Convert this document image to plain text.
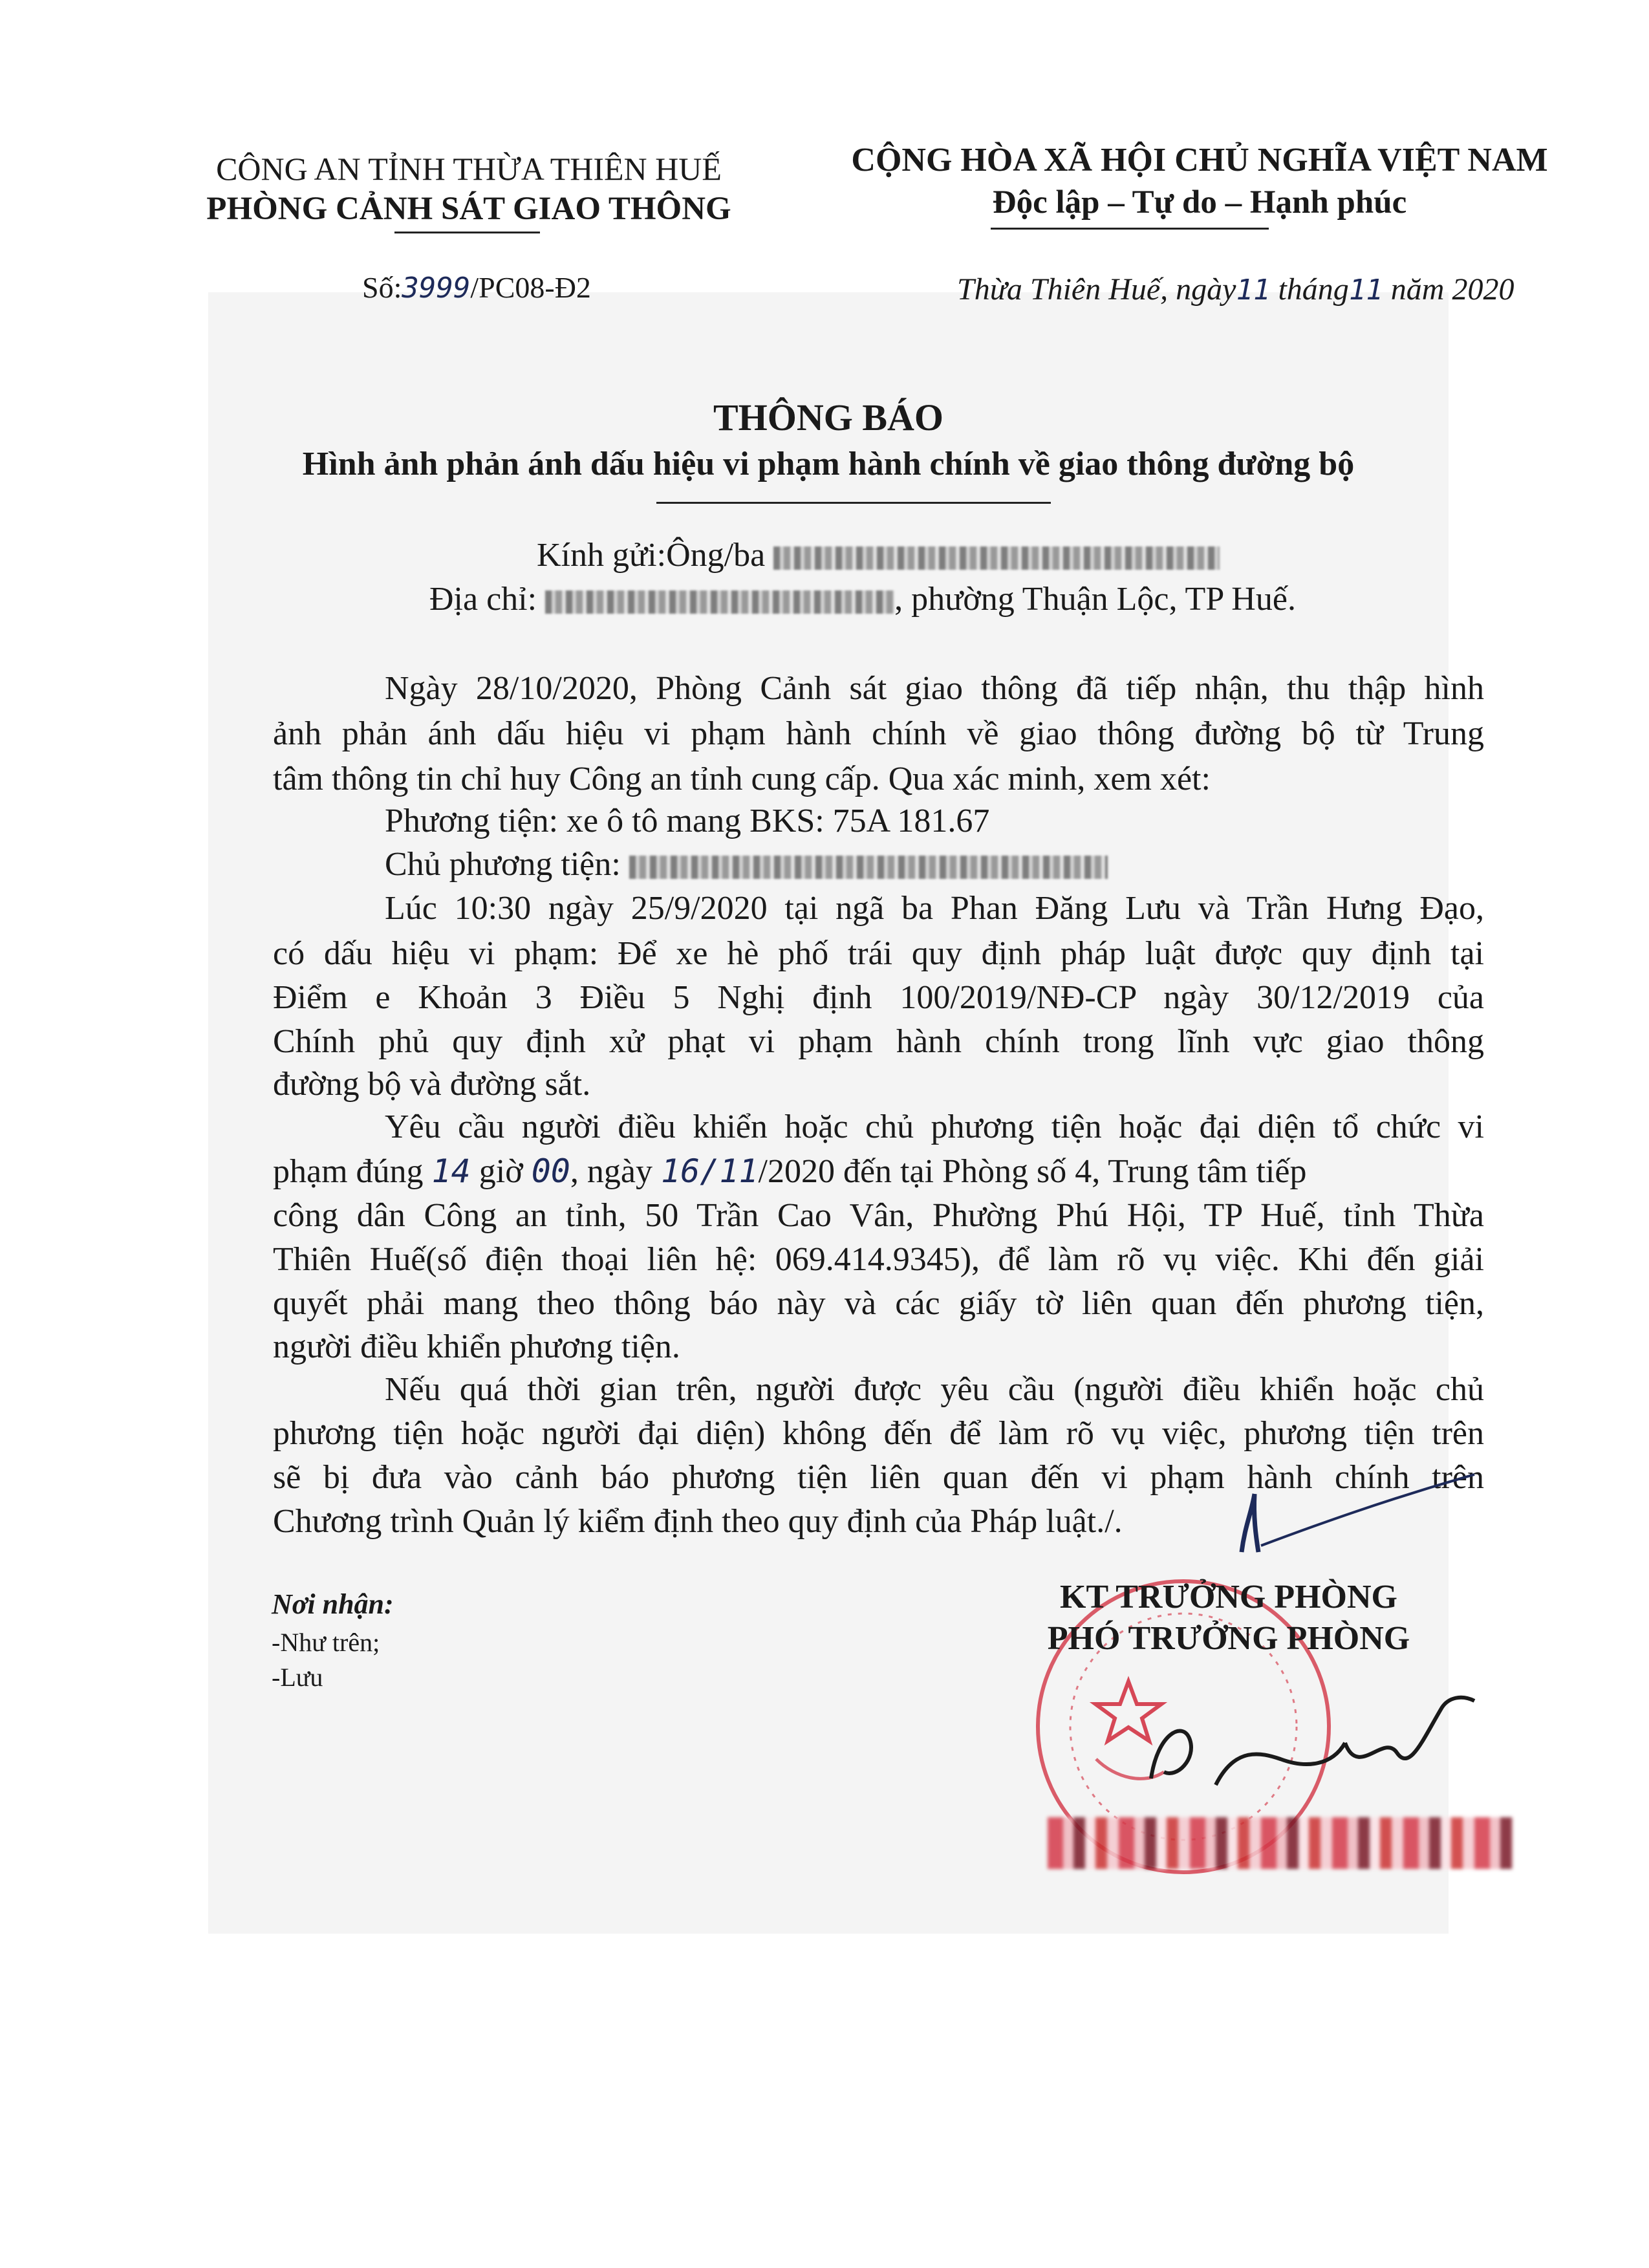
CÔNG AN TỈNH THỪA THIÊN HUẾ
PHÒNG CẢNH SÁT GIAO THÔNG
CỘNG HÒA XÃ HỘI CHỦ NGHĨA VIỆT NAM
Độc lập – Tự do – Hạnh phúc
Số:3999/PC08-Đ2	Thừa Thiên Huế, ngày11 tháng11 năm 2020
THÔNG BÁO
Hình ảnh phản ánh dấu hiệu vi phạm hành chính về giao thông đường bộ
Kính gửi:Ông/ba
Địa chỉ:	, phường Thuận Lộc, TP Huế.
Ngày 28/10/2020, Phòng Cảnh sát giao thông đã tiếp nhận, thu thập hình
ảnh phản ánh dấu hiệu vi phạm hành chính về giao thông đường bộ từ Trung
tâm thông tin chỉ huy Công an tỉnh cung cấp. Qua xác minh, xem xét:
Phương tiện: xe ô tô mang BKS: 75A 181.67
Chủ phương tiện:
Lúc 10:30 ngày 25/9/2020 tại ngã ba Phan Đăng Lưu và Trần Hưng Đạo,
có dấu hiệu vi phạm: Để xe hè phố trái quy định pháp luật được quy định tại
Điểm e Khoản 3 Điều 5 Nghị định 100/2019/NĐ-CP ngày 30/12/2019 của
Chính phủ quy định xử phạt vi phạm hành chính trong lĩnh vực giao thông
đường bộ và đường sắt.
Yêu cầu người điều khiển hoặc chủ phương tiện hoặc đại diện tổ chức vi
phạm đúng 14 giờ 00, ngày 16/11/2020 đến tại Phòng số 4, Trung tâm tiếp
công dân Công an tỉnh, 50 Trần Cao Vân, Phường Phú Hội, TP Huế, tỉnh Thừa
Thiên Huế(số điện thoại liên hệ: 069.414.9345), để làm rõ vụ việc. Khi đến giải
quyết phải mang theo thông báo này và các giấy tờ liên quan đến phương tiện,
người điều khiển phương tiện.
Nếu quá thời gian trên, người được yêu cầu (người điều khiển hoặc chủ
phương tiện hoặc người đại diện) không đến để làm rõ vụ việc, phương tiện trên
sẽ bị đưa vào cảnh báo phương tiện liên quan đến vi phạm hành chính trên
Chương trình Quản lý kiểm định theo quy định của Pháp luật./.
Nơi nhận:
-Như trên;
-Lưu
KT TRƯỞNG PHÒNG
PHÓ TRƯỞNG PHÒNG
